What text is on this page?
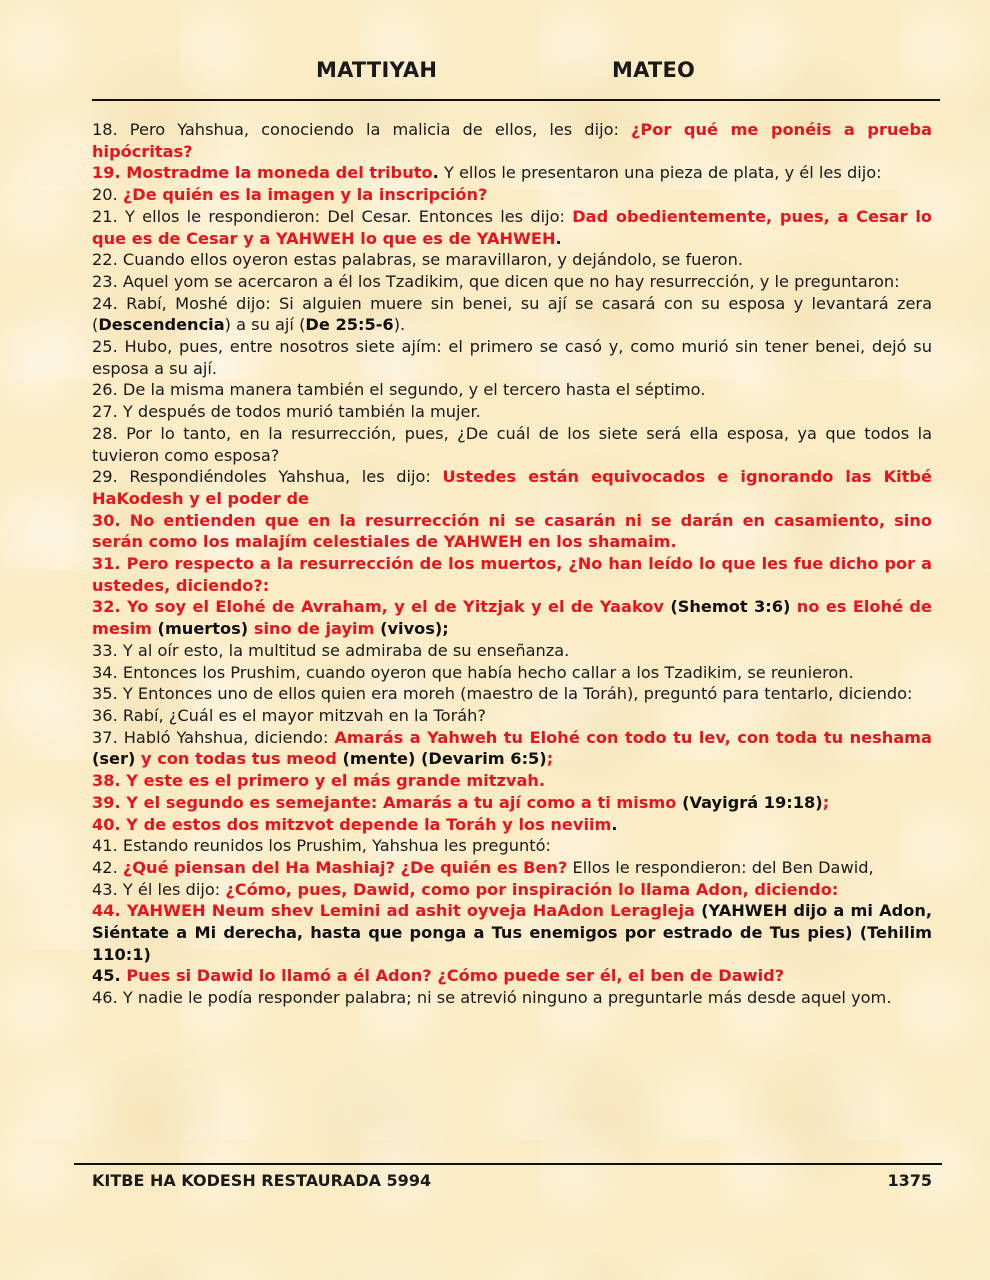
MATTIYAH	MATEO

18. Pero Yahshua, conociendo la malicia de ellos, les dijo: ¿Por qué me ponéis a prueba hipócritas?

19. Mostradme la moneda del tributo. Y ellos le presentaron una pieza de plata, y él les dijo:

20. ¿De quién es la imagen y la inscripción?

21. Y ellos le respondieron: Del Cesar. Entonces les dijo: Dad obedientemente, pues, a Cesar lo que es de Cesar y a YAHWEH lo que es de YAHWEH.

22. Cuando ellos oyeron estas palabras, se maravillaron, y dejándolo, se fueron.

23. Aquel yom se acercaron a él los Tzadikim, que dicen que no hay resurrección, y le preguntaron:

24. Rabí, Moshé dijo: Si alguien muere sin benei, su ají se casará con su esposa y levantará zera (Descendencia) a su ají (De 25:5-6).

25. Hubo, pues, entre nosotros siete ajím: el primero se casó y, como murió sin tener benei, dejó su esposa a su ají.

26. De la misma manera también el segundo, y el tercero hasta el séptimo.

27. Y después de todos murió también la mujer.

28. Por lo tanto, en la resurrección, pues, ¿De cuál de los siete será ella esposa, ya que todos la tuvieron como esposa?

29. Respondiéndoles Yahshua, les dijo: Ustedes están equivocados e ignorando las Kitbé HaKodesh y el poder de

30. No entienden que en la resurrección ni se casarán ni se darán en casamiento, sino serán como los malajím celestiales de YAHWEH en los shamaim.

31. Pero respecto a la resurrección de los muertos, ¿No han leído lo que les fue dicho por a ustedes, diciendo?:

32. Yo soy el Elohé de Avraham, y el de Yitzjak y el de Yaakov (Shemot 3:6) no es Elohé de mesim (muertos) sino de jayim (vivos);

33. Y al oír esto, la multitud se admiraba de su enseñanza.

34. Entonces los Prushim, cuando oyeron que había hecho callar a los Tzadikim, se reunieron.

35. Y Entonces uno de ellos quien era moreh (maestro de la Toráh), preguntó para tentarlo, diciendo:

36. Rabí, ¿Cuál es el mayor mitzvah en la Toráh?

37. Habló Yahshua, diciendo: Amarás a Yahweh tu Elohé con todo tu lev, con toda tu neshama (ser) y con todas tus meod (mente) (Devarim 6:5);

38. Y este es el primero y el más grande mitzvah.

39. Y el segundo es semejante: Amarás a tu ají como a ti mismo (Vayigrá 19:18);

40. Y de estos dos mitzvot depende la Toráh y los neviim.

41. Estando reunidos los Prushim, Yahshua les preguntó:

42. ¿Qué piensan del Ha Mashiaj? ¿De quién es Ben? Ellos le respondieron: del Ben Dawid,

43. Y él les dijo: ¿Cómo, pues, Dawid, como por inspiración lo llama Adon, diciendo:

44. YAHWEH Neum shev Lemini ad ashit oyveja HaAdon Leragleja (YAHWEH dijo a mi Adon, Siéntate a Mi derecha, hasta que ponga a Tus enemigos por estrado de Tus pies) (Tehilim 110:1)

45. Pues si Dawid lo llamó a él Adon? ¿Cómo puede ser él, el ben de Dawid?

46. Y nadie le podía responder palabra; ni se atrevió ninguno a preguntarle más desde aquel yom.

KITBE HA KODESH RESTAURADA 5994	1375
